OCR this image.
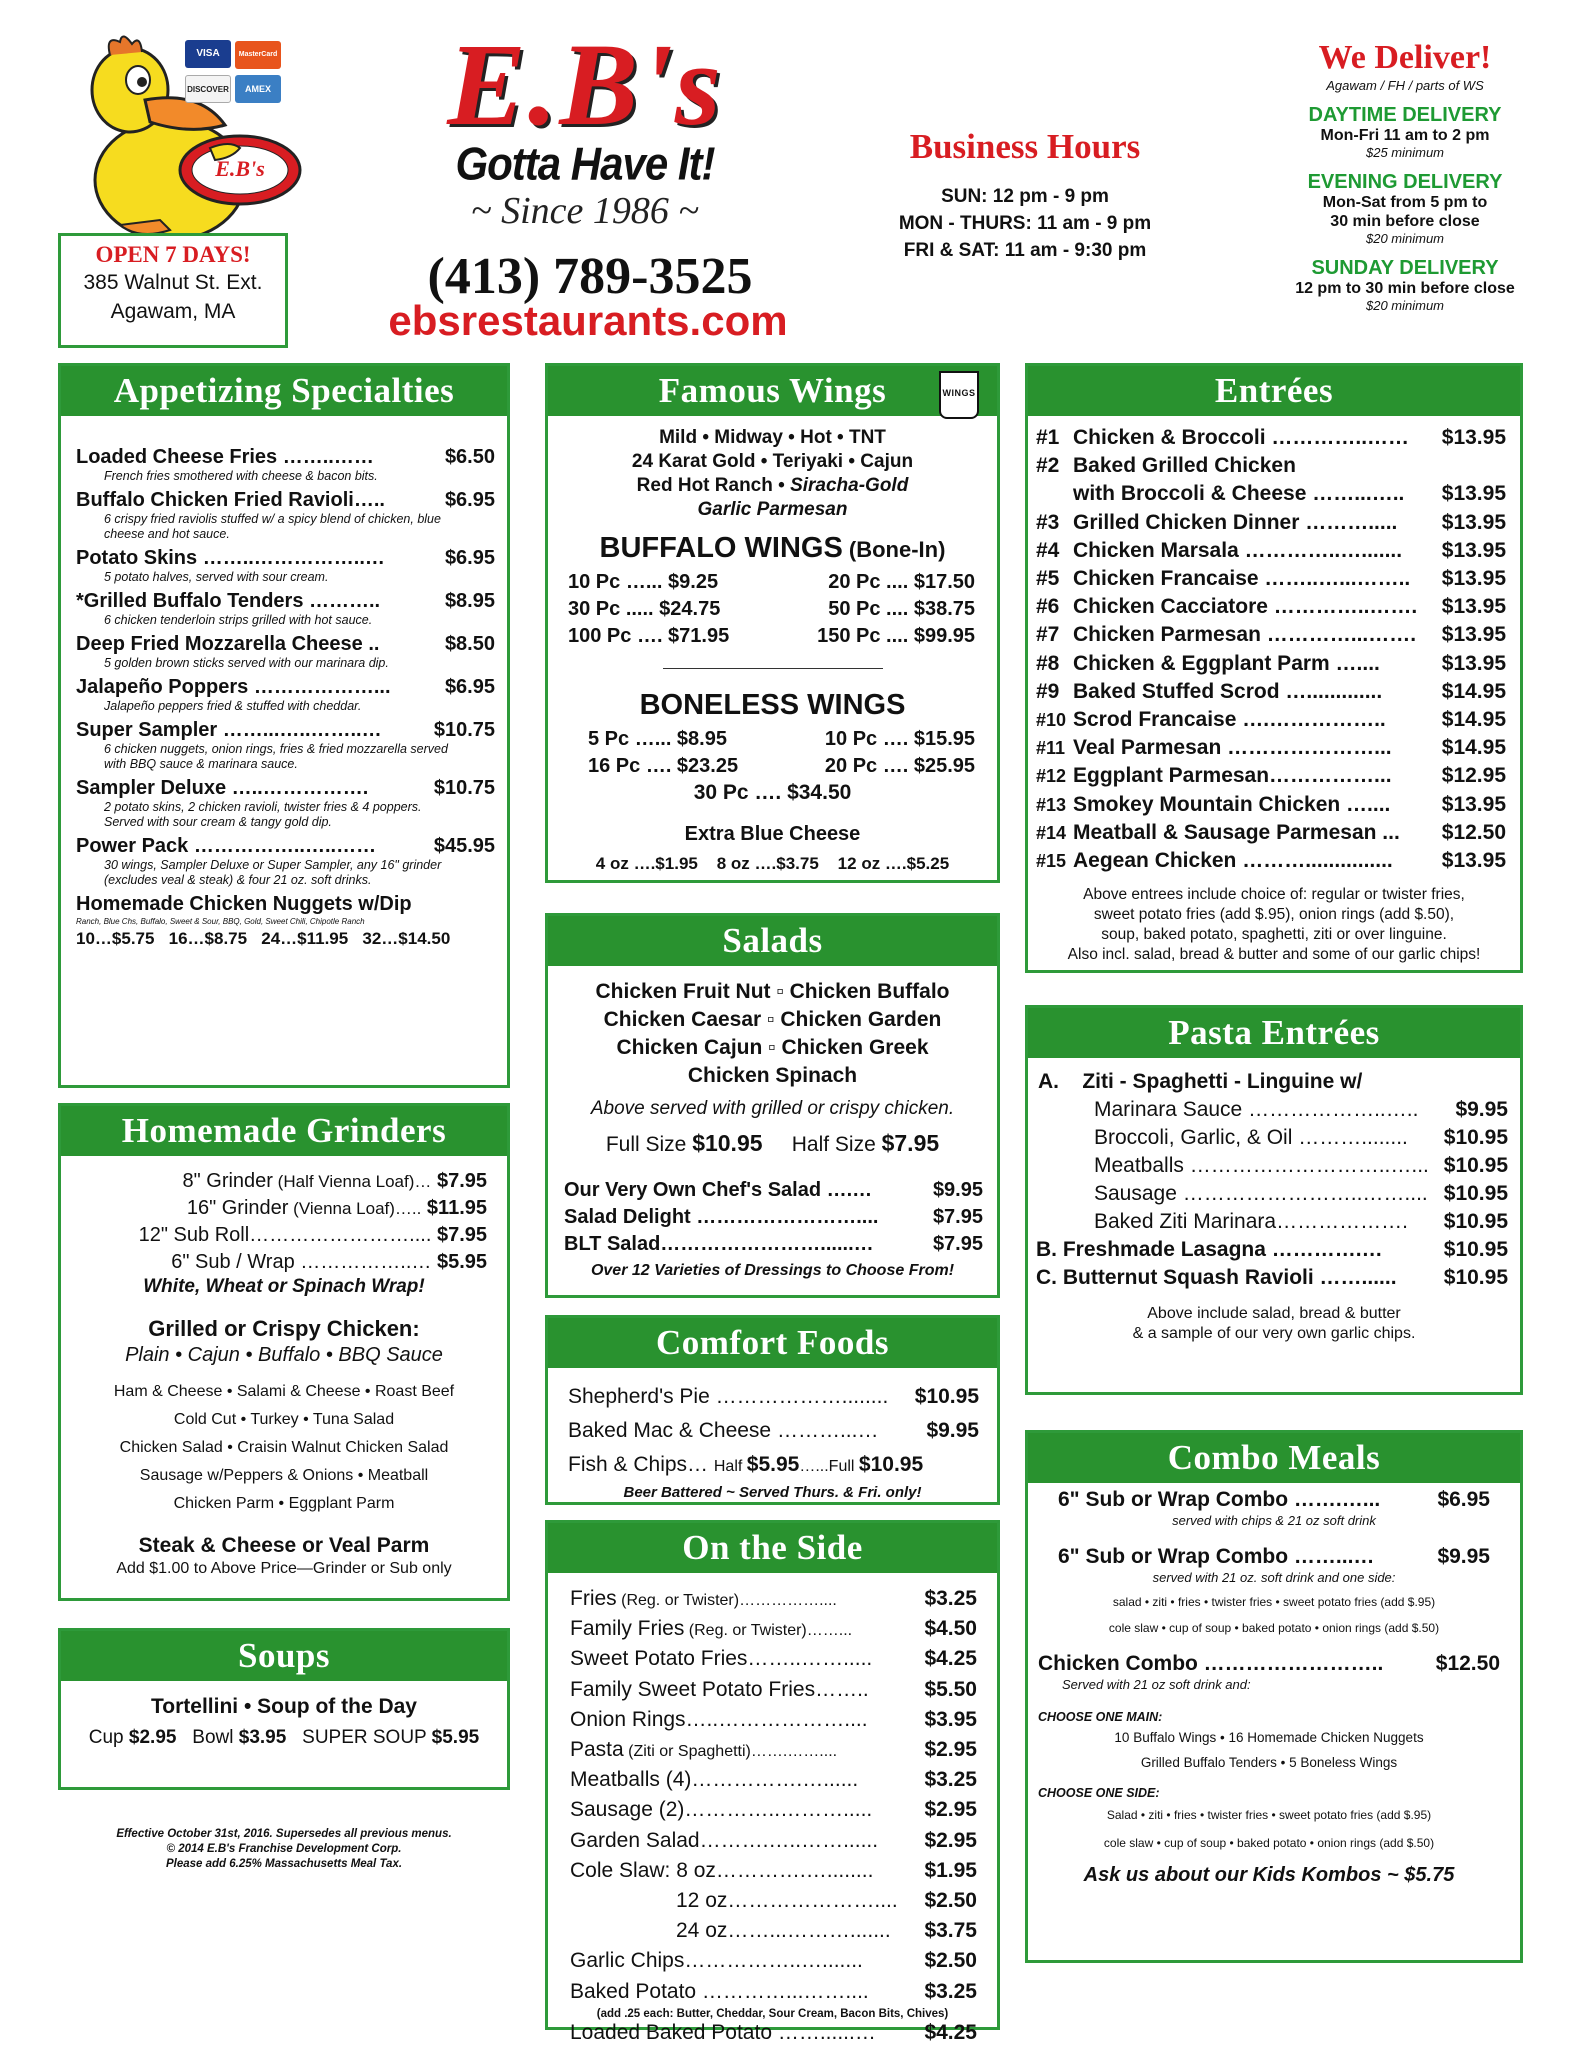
E.B's
VISA	MasterCardDISCOVER AMEX
OPEN 7 DAYS!
385 Walnut St. Ext.
Agawam, MA
E.B's
Gotta Have It!
~ Since 1986 ~
(413) 789-3525
ebsrestaurants.com
Business Hours
SUN: 12 pm - 9 pm
MON - THURS: 11 am - 9 pm
FRI & SAT: 11 am - 9:30 pm
We Deliver!
Agawam / FH / parts of WS
DAYTIME DELIVERY
Mon-Fri 11 am to 2 pm
$25 minimum
EVENING DELIVERY
Mon-Sat from 5 pm to
30 min before close
$20 minimum
SUNDAY DELIVERY
12 pm to 30 min before close
$20 minimum
Appetizing Specialties
Loaded Cheese Fries ……..……	$6.50
French fries smothered with cheese & bacon bits.
Buffalo Chicken Fried Ravioli…..	$6.95
6 crispy fried raviolis stuffed w/ a spicy blend of chicken, blue cheese and hot sauce.
Potato Skins ……..……………..…	$6.95
5 potato halves, served with sour cream.
*Grilled Buffalo Tenders ………..	$8.95
6 chicken tenderloin strips grilled with hot sauce.
Deep Fried Mozzarella Cheese ..	$8.50
5 golden brown sticks served with our marinara dip.
Jalapeño Poppers ………………...	$6.95
Jalapeño peppers fried & stuffed with cheddar.
Super Sampler ……...…..……..…	$10.75
6 chicken nuggets, onion rings, fries & fried mozzarella served with BBQ sauce & marinara sauce.
Sampler Deluxe …..…………….	$10.75
2 potato skins, 2 chicken ravioli, twister fries & 4 poppers. Served with sour cream & tangy gold dip.
Power Pack ……………..…..……	$45.95
30 wings, Sampler Deluxe or Super Sampler, any 16" grinder (excludes veal & steak) & four 21 oz. soft drinks.
Homemade Chicken Nuggets w/Dip
Ranch, Blue Chs, Buffalo, Sweet & Sour, BBQ, Gold, Sweet Chili, Chipotle Ranch
10…$5.75   16…$8.75   24…$11.95   32…$14.50
Homemade Grinders
8" Grinder (Half Vienna Loaf)… $7.95
16" Grinder (Vienna Loaf)….. $11.95
12" Sub Roll…………………….... $7.95
6" Sub / Wrap ……………..… $5.95
White, Wheat or Spinach Wrap!
Grilled or Crispy Chicken:
Plain • Cajun • Buffalo • BBQ Sauce
Ham & Cheese • Salami & Cheese • Roast Beef
Cold Cut • Turkey • Tuna Salad
Chicken Salad • Craisin Walnut Chicken Salad
Sausage w/Peppers & Onions • Meatball
Chicken Parm • Eggplant Parm
Steak & Cheese or Veal Parm
Add $1.00 to Above Price—Grinder or Sub only
Soups
Tortellini • Soup of the Day
Cup $2.95   Bowl $3.95   SUPER SOUP $5.95
Effective October 31st, 2016. Supersedes all previous menus.
© 2014 E.B's Franchise Development Corp.
Please add 6.25% Massachusetts Meal Tax.
Famous Wings	WINGS
Mild • Midway • Hot • TNT
24 Karat Gold • Teriyaki • Cajun
Red Hot Ranch • Siracha-Gold
Garlic Parmesan
BUFFALO WINGS (Bone-In)
10 Pc …... $9.25	20 Pc .... $17.50
30 Pc ..... $24.75	50 Pc .... $38.75
100 Pc …. $71.95	150 Pc .... $99.95
BONELESS WINGS
5 Pc …... $8.95	10 Pc …. $15.95
16 Pc …. $23.25	20 Pc …. $25.95
30 Pc …. $34.50
Extra Blue Cheese
4 oz ….$1.95    8 oz ….$3.75    12 oz ….$5.25
Salads
Chicken Fruit Nut ▫ Chicken Buffalo
Chicken Caesar ▫ Chicken Garden
Chicken Cajun ▫ Chicken Greek
Chicken Spinach
Above served with grilled or crispy chicken.
Full Size $10.95     Half Size $7.95
Our Very Own Chef's Salad ….…	$9.95
Salad Delight ……………………....	$7.95
BLT Salad……………………......…	$7.95
Over 12 Varieties of Dressings to Choose From!
Comfort Foods
Shepherd's Pie ………………........ $10.95
Baked Mac & Cheese ………...… $9.95
Fish & Chips… Half $5.95…...Full $10.95
Beer Battered ~ Served Thurs. & Fri. only!
On the Side
Fries (Reg. or Twister)……………....	$3.25
Family Fries (Reg. or Twister)……...	$4.50
Sweet Potato Fries……..……..... $4.25
Family Sweet Potato Fries……..	$5.50
Onion Rings…..………………....	$3.95
Pasta (Ziti or Spaghetti)…….……....	$2.95
Meatballs (4)…………….…......	$3.25
Sausage (2)…………..………..... $2.95
Garden Salad……….…..……...... $2.95
Cole Slaw: 8 oz………….…........ $1.95
12 oz………………….... $2.50
24 oz……...………....... $3.75
Garlic Chips……………..….......	$2.50
Baked Potato …………...……....	$3.25
(add .25 each: Butter, Cheddar, Sour Cream, Bacon Bits, Chives)
Loaded Baked Potato ……......… $4.25
Entrées
#1 Chicken & Broccoli …………..…… $13.95
#2 Baked Grilled Chicken
with Broccoli & Cheese ……...….. $13.95
#3 Grilled Chicken Dinner ………..... $13.95
#4 Chicken Marsala …………..…....... $13.95
#5 Chicken Francaise ……..…...…….. $13.95
#6 Chicken Cacciatore …………..……. $13.95
#7 Chicken Parmesan …………...……. $13.95
#8 Chicken & Eggplant Parm …....	$13.95
#9 Baked Stuffed Scrod ….............	$14.95
#10 Scrod Francaise ….……………..	$14.95
#11 Veal Parmesan …………………... $14.95
#12 Eggplant Parmesan……………... $12.95
#13 Smokey Mountain Chicken ….... $13.95
#14 Meatball & Sausage Parmesan ... $12.50
#15 Aegean Chicken ………............... $13.95
Above entrees include choice of: regular or twister fries,
sweet potato fries (add $.95), onion rings (add $.50),
soup, baked potato, spaghetti, ziti or over linguine.
Also incl. salad, bread & butter and some of our garlic chips!
Pasta Entrées
A.    Ziti - Spaghetti - Linguine w/
Marinara Sauce ………………..….. $9.95
Broccoli, Garlic, & Oil ………........ $10.95
Meatballs ………………………..…... $10.95
Sausage ……………………..…….... $10.95
Baked Ziti Marinara………………. $10.95
B. Freshmade Lasagna ………….…	$10.95
C. Butternut Squash Ravioli ……...... $10.95
Above include salad, bread & butter
& a sample of our very own garlic chips.
Combo Meals
6" Sub or Wrap Combo …….…...	$6.95
served with chips & 21 oz soft drink
6" Sub or Wrap Combo ……...…	$9.95
served with 21 oz. soft drink and one side:
salad • ziti • fries • twister fries • sweet potato fries (add $.95)
cole slaw • cup of soup • baked potato • onion rings (add $.50)
Chicken Combo …………………….. $12.50
Served with 21 oz soft drink and:
CHOOSE ONE MAIN:
10 Buffalo Wings • 16 Homemade Chicken Nuggets
Grilled Buffalo Tenders • 5 Boneless Wings
CHOOSE ONE SIDE:
Salad • ziti • fries • twister fries • sweet potato fries (add $.95)
cole slaw • cup of soup • baked potato • onion rings (add $.50)
Ask us about our Kids Kombos ~ $5.75
